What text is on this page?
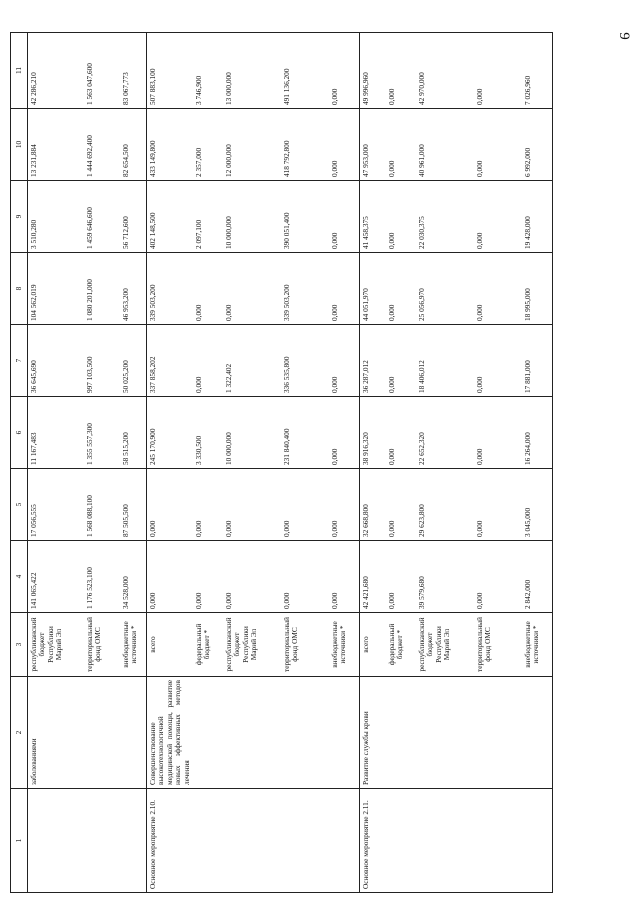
9
1	2	3	4	5	6	7	8	9	10	11
	заболеваниями	республиканский бюджет Республики Марий Эл	141 065,422	17 056,555	11 167,483	36 645,690	104 562,019	3 510,280	13 231,884	42 286,210
		территориальный фонд ОМС	1 176 523,100	1 568 088,100	1 355 557,300	997 103,500	1 080 201,000	1 459 646,600	1 444 692,400	1 563 047,600
		внебюджетные источники *	34 528,000	87 505,500	58 515,200	50 025,200	46 953,200	56 712,600	82 654,500	83 067,773
Основное мероприятие 2.10.	Совершенствование высокотехнологичной медицинской помощи, развитие новых эффективных методов лечения	всего	0,000	0,000	245 170,900	337 858,202	339 503,200	402 148,500	433 149,800	507 883,100
		федеральный бюджет *	0,000	0,000	3 330,500	0,000	0,000	2 097,100	2 357,000	3 746,900
		республиканский бюджет Республики Марий Эл	0,000	0,000	10 000,000	1 322,402	0,000	10 000,000	12 000,000	13 000,000
		территориальный фонд ОМС	0,000	0,000	231 840,400	336 535,800	339 503,200	390 051,400	418 792,800	491 136,200
		внебюджетные источники *	0,000	0,000	0,000	0,000	0,000	0,000	0,000	0,000
Основное мероприятие 2.11.	Развитие службы крови	всего	42 421,680	32 668,800	38 916,320	36 287,012	44 051,970	41 458,375	47 953,000	49 996,960
		федеральный бюджет *	0,000	0,000	0,000	0,000	0,000	0,000	0,000	0,000
		республиканский бюджет Республики Марий Эл	39 579,680	29 623,800	22 652,320	18 406,012	25 056,970	22 030,375	40 961,000	42 970,000
		территориальный фонд ОМС	0,000	0,000	0,000	0,000	0,000	0,000	0,000	0,000
		внебюджетные источники *	2 842,000	3 045,000	16 264,000	17 881,000	18 995,000	19 428,000	6 992,000	7 026,960
